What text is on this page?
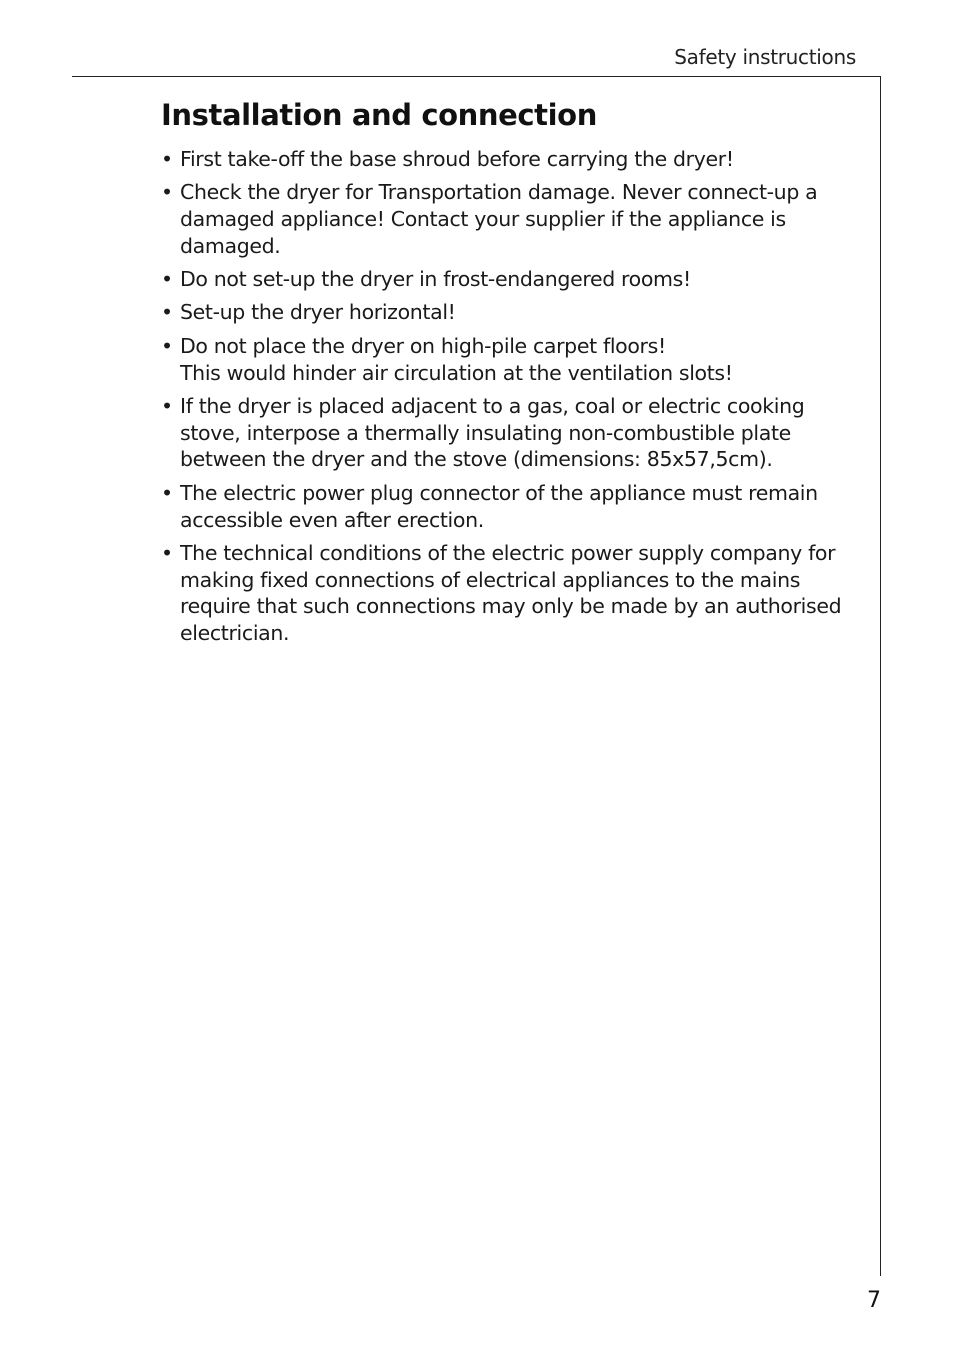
Safety instructions
Installation and connection
• First take-off the base shroud before carrying the dryer!
• Check the dryer for Transportation damage. Never connect-up a damaged appliance! Contact your supplier if the appliance is damaged.
• Do not set-up the dryer in frost-endangered rooms!
• Set-up the dryer horizontal!
• Do not place the dryer on high-pile carpet floors!
This would hinder air circulation at the ventilation slots!
• If the dryer is placed adjacent to a gas, coal or electric cooking stove, interpose a thermally insulating non-combustible plate between the dryer and the stove (dimensions: 85x57,5cm).
• The electric power plug connector of the appliance must remain accessible even after erection.
• The technical conditions of the electric power supply company for making fixed connections of electrical appliances to the mains require that such connections may only be made by an authorised electrician.
7
